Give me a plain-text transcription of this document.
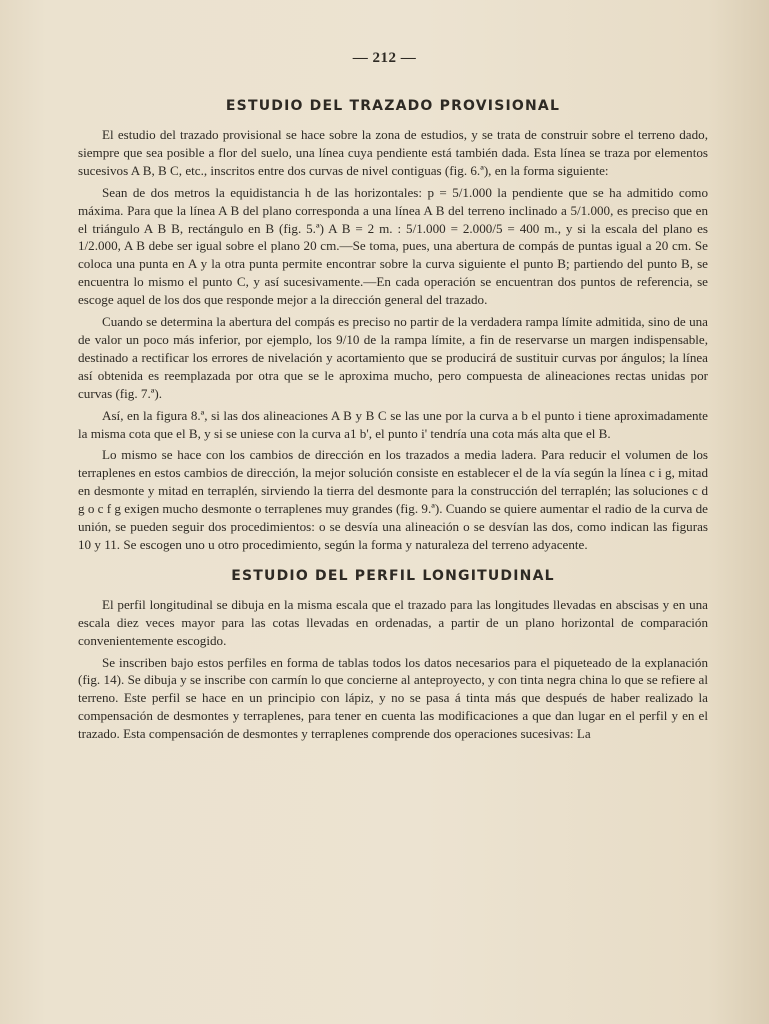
— 212 —
ESTUDIO DEL TRAZADO PROVISIONAL

El estudio del trazado provisional se hace sobre la zona de estudios, y se trata de construir sobre el terreno dado, siempre que sea posible a flor del suelo, una línea cuya pendiente está también dada. Esta línea se traza por elementos sucesivos A B, B C, etc., inscritos entre dos curvas de nivel contiguas (fig. 6.ª), en la forma siguiente:

Sean de dos metros la equidistancia h de las horizontales: p = 5/1.000 la pendiente que se ha admitido como máxima. Para que la línea A B del plano corresponda a una línea A B del terreno inclinado a 5/1.000, es preciso que en el triángulo A B B, rectángulo en B (fig. 5.ª) A B = 2 m. : 5/1.000 = 2.000/5 = 400 m., y si la escala del plano es 1/2.000, A B debe ser igual sobre el plano 20 cm.—Se toma, pues, una abertura de compás de puntas igual a 20 cm. Se coloca una punta en A y la otra punta permite encontrar sobre la curva siguiente el punto B; partiendo del punto B, se encuentra lo mismo el punto C, y así sucesivamente.—En cada operación se encuentran dos puntos de referencia, se escoge aquel de los dos que responde mejor a la dirección general del trazado.

Cuando se determina la abertura del compás es preciso no partir de la verdadera rampa límite admitida, sino de una de valor un poco más inferior, por ejemplo, los 9/10 de la rampa límite, a fin de reservarse un margen indispensable, destinado a rectificar los errores de nivelación y acortamiento que se producirá de sustituir curvas por ángulos; la línea así obtenida es reemplazada por otra que se le aproxima mucho, pero compuesta de alineaciones rectas unidas por curvas (fig. 7.ª).

Así, en la figura 8.ª, si las dos alineaciones A B y B C se las une por la curva a b el punto i tiene aproximadamente la misma cota que el B, y si se uniese con la curva a1 b', el punto i' tendría una cota más alta que el B.

Lo mismo se hace con los cambios de dirección en los trazados a media ladera. Para reducir el volumen de los terraplenes en estos cambios de dirección, la mejor solución consiste en establecer el de la vía según la línea c i g, mitad en desmonte y mitad en terraplén, sirviendo la tierra del desmonte para la construcción del terraplén; las soluciones c d g o c f g exigen mucho desmonte o terraplenes muy grandes (fig. 9.ª). Cuando se quiere aumentar el radio de la curva de unión, se pueden seguir dos procedimientos: o se desvía una alineación o se desvían las dos, como indican las figuras 10 y 11. Se escogen uno u otro procedimiento, según la forma y naturaleza del terreno adyacente.

ESTUDIO DEL PERFIL LONGITUDINAL

El perfil longitudinal se dibuja en la misma escala que el trazado para las longitudes llevadas en abscisas y en una escala diez veces mayor para las cotas llevadas en ordenadas, a partir de un plano horizontal de comparación convenientemente escogido.

Se inscriben bajo estos perfiles en forma de tablas todos los datos necesarios para el piqueteado de la explanación (fig. 14). Se dibuja y se inscribe con carmín lo que concierne al anteproyecto, y con tinta negra china lo que se refiere al terreno. Este perfil se hace en un principio con lápiz, y no se pasa á tinta más que después de haber realizado la compensación de desmontes y terraplenes, para tener en cuenta las modificaciones a que dan lugar en el perfil y en el trazado. Esta compensación de desmontes y terraplenes comprende dos operaciones sucesivas: La
